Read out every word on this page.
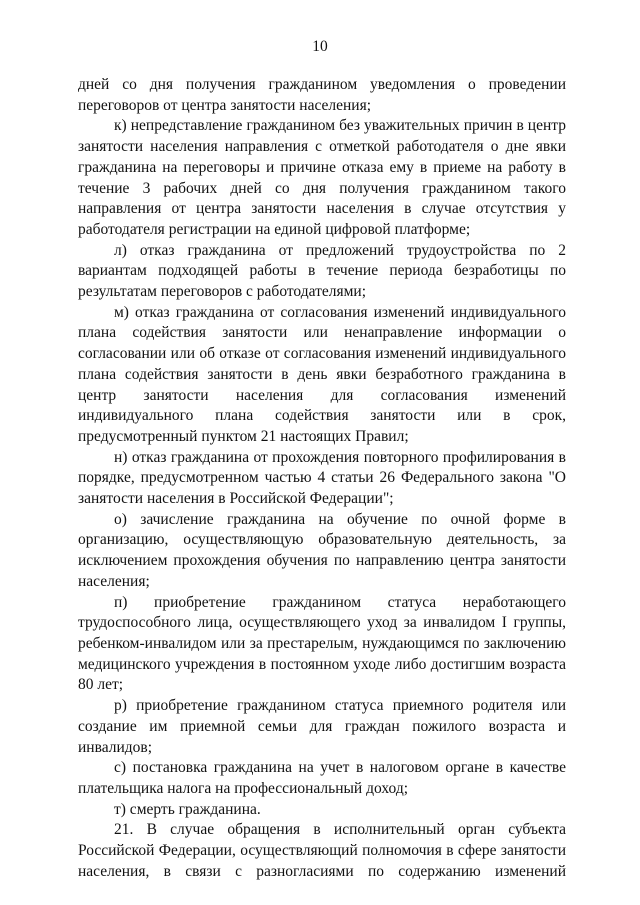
10

дней со дня получения гражданином уведомления о проведении переговоров от центра занятости населения;

к) непредставление гражданином без уважительных причин в центр занятости населения направления с отметкой работодателя о дне явки гражданина на переговоры и причине отказа ему в приеме на работу в течение 3 рабочих дней со дня получения гражданином такого направления от центра занятости населения в случае отсутствия у работодателя регистрации на единой цифровой платформе;

л) отказ гражданина от предложений трудоустройства по 2 вариантам подходящей работы в течение периода безработицы по результатам переговоров с работодателями;

м) отказ гражданина от согласования изменений индивидуального плана содействия занятости или ненаправление информации о согласовании или об отказе от согласования изменений индивидуального плана содействия занятости в день явки безработного гражданина в центр занятости населения для согласования изменений индивидуального плана содействия занятости или в срок, предусмотренный пунктом 21 настоящих Правил;

н) отказ гражданина от прохождения повторного профилирования в порядке, предусмотренном частью 4 статьи 26 Федерального закона "О занятости населения в Российской Федерации";

о) зачисление гражданина на обучение по очной форме в организацию, осуществляющую образовательную деятельность, за исключением прохождения обучения по направлению центра занятости населения;

п) приобретение гражданином статуса неработающего трудоспособного лица, осуществляющего уход за инвалидом I группы, ребенком-инвалидом или за престарелым, нуждающимся по заключению медицинского учреждения в постоянном уходе либо достигшим возраста 80 лет;

р) приобретение гражданином статуса приемного родителя или создание им приемной семьи для граждан пожилого возраста и инвалидов;

с) постановка гражданина на учет в налоговом органе в качестве плательщика налога на профессиональный доход;

т) смерть гражданина.

21. В случае обращения в исполнительный орган субъекта Российской Федерации, осуществляющий полномочия в сфере занятости населения, в связи с разногласиями по содержанию изменений
